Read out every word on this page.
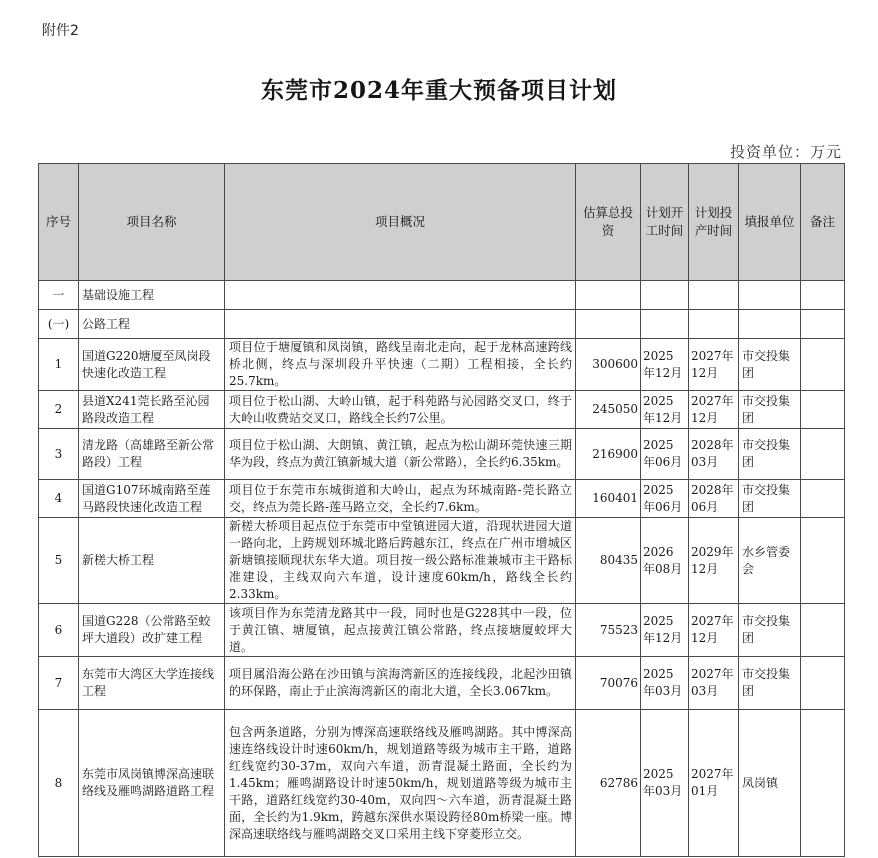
附件2
东莞市2024年重大预备项目计划
投资单位：万元
序号	项目名称	项目概况	估算总投资	计划开工时间	计划投产时间	填报单位	备注
一	基础设施工程						
(一)	公路工程						
1	国道G220塘厦至凤岗段快速化改造工程	项目位于塘厦镇和凤岗镇，路线呈南北走向，起于龙林高速跨线桥北侧，终点与深圳段升平快速（二期）工程相接，全长约25.7km。	300600	2025年12月	2027年12月	市交投集团	
2	县道X241莞长路至沁园路段改造工程	项目位于松山湖、大岭山镇，起于科苑路与沁园路交叉口，终于大岭山收费站交叉口，路线全长约7公里。	245050	2025年12月	2027年12月	市交投集团	
3	清龙路（高雄路至新公常路段）工程	项目位于松山湖、大朗镇、黄江镇，起点为松山湖环莞快速三期华为段，终点为黄江镇新城大道（新公常路），全长约6.35km。	216900	2025年06月	2028年03月	市交投集团	
4	国道G107环城南路至莲马路段快速化改造工程	项目位于东莞市东城街道和大岭山，起点为环城南路-莞长路立交，终点为莞长路-莲马路立交，全长约7.6km。	160401	2025年06月	2028年06月	市交投集团	
5	新槎大桥工程	新槎大桥项目起点位于东莞市中堂镇进园大道，沿现状进园大道一路向北，上跨规划环城北路后跨越东江，终点在广州市增城区新塘镇接顺现状东华大道。项目按一级公路标准兼城市主干路标准建设，主线双向六车道，设计速度60km/h，路线全长约2.33km。	80435	2026年08月	2029年12月	水乡管委会	
6	国道G228（公常路至蛟坪大道段）改扩建工程	该项目作为东莞清龙路其中一段，同时也是G228其中一段，位于黄江镇、塘厦镇，起点接黄江镇公常路，终点接塘厦蛟坪大道。	75523	2025年12月	2027年12月	市交投集团	
7	东莞市大湾区大学连接线工程	项目属沿海公路在沙田镇与滨海湾新区的连接线段，北起沙田镇的环保路，南止于止滨海湾新区的南北大道，全长3.067km。	70076	2025年03月	2027年03月	市交投集团	
8	东莞市凤岗镇博深高速联络线及雁鸣湖路道路工程	包含两条道路，分别为博深高速联络线及雁鸣湖路。其中博深高速连络线设计时速60km/h，规划道路等级为城市主干路，道路红线宽约30-37m，双向六车道，沥青混凝土路面，全长约为1.45km；雁鸣湖路设计时速50km/h，规划道路等级为城市主干路，道路红线宽约30-40m，双向四～六车道，沥青混凝土路面，全长约为1.9km，跨越东深供水渠设跨径80m桥梁一座。博深高速联络线与雁鸣湖路交叉口采用主线下穿菱形立交。	62786	2025年03月	2027年01月	凤岗镇	
